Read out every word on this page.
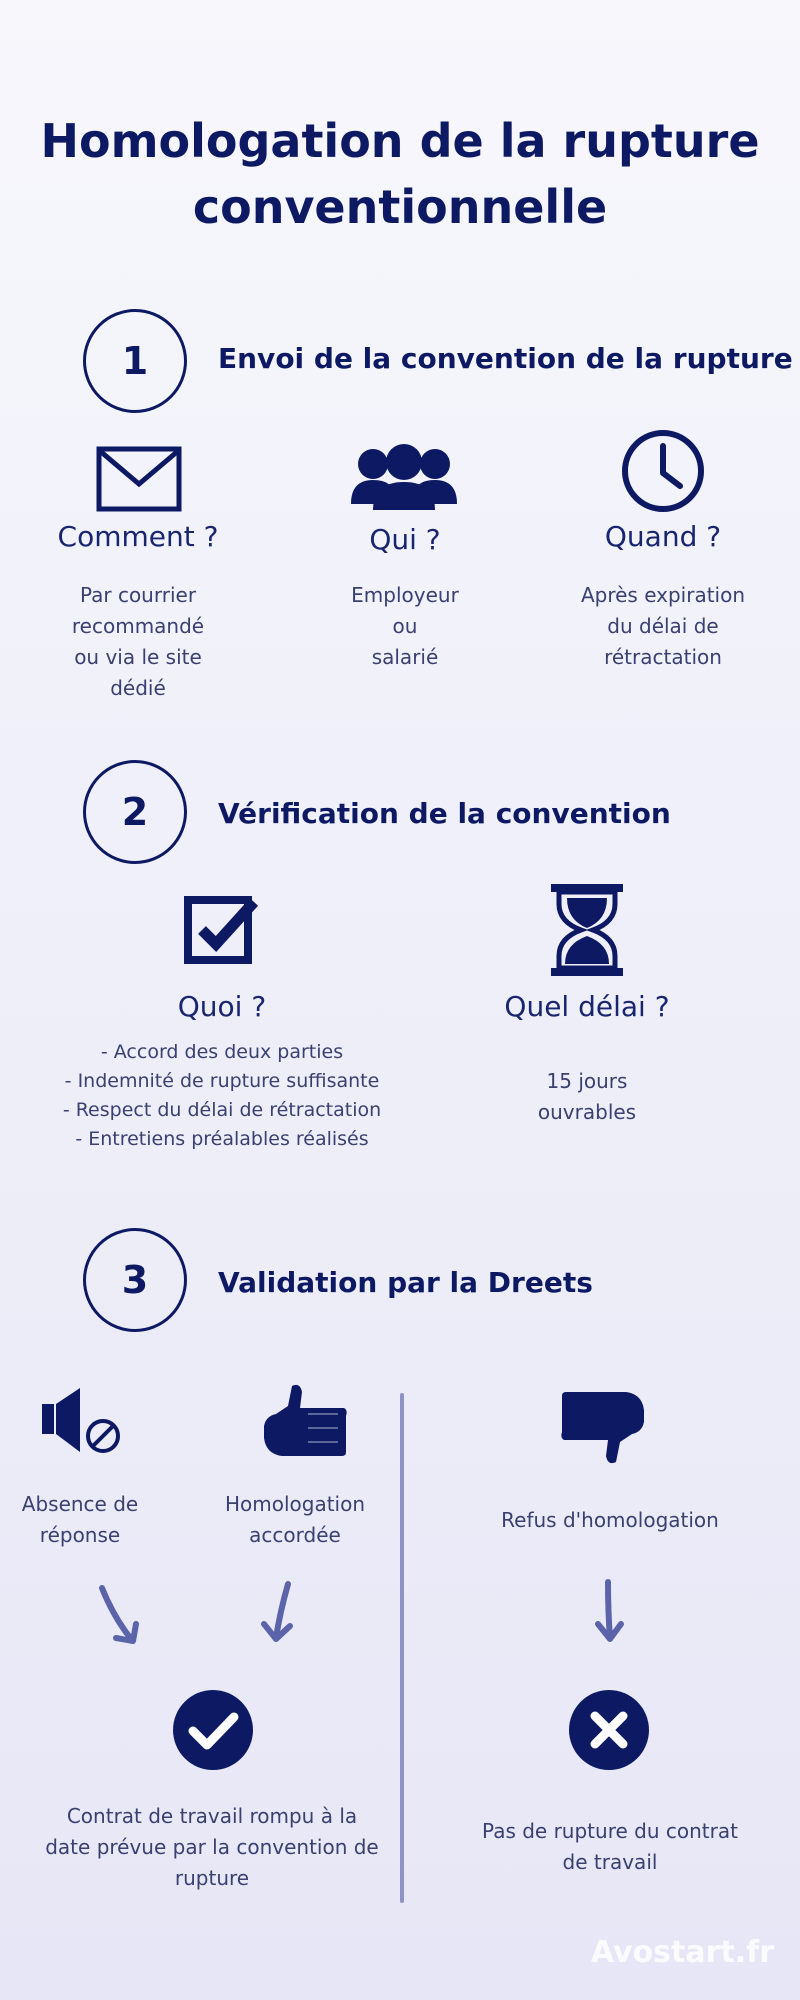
Homologation de la rupture
conventionnelle
1 Envoi de la convention de la rupture
Comment ?
Par courrier
recommandé
ou via le site
dédié
Qui ?
Employeur
ou
salarié
Quand ?
Après expiration
du délai de
rétractation
2 Vérification de la convention
Quoi ?
- Accord des deux parties
- Indemnité de rupture suffisante
- Respect du délai de rétractation
- Entretiens préalables réalisés
Quel délai ?
15 jours
ouvrables
3 Validation par la Dreets
Absence de
réponse
Homologation
accordée
Contrat de travail rompu à la
date prévue par la convention de
rupture
Refus d'homologation
Pas de rupture du contrat
de travail
Avostart.fr
